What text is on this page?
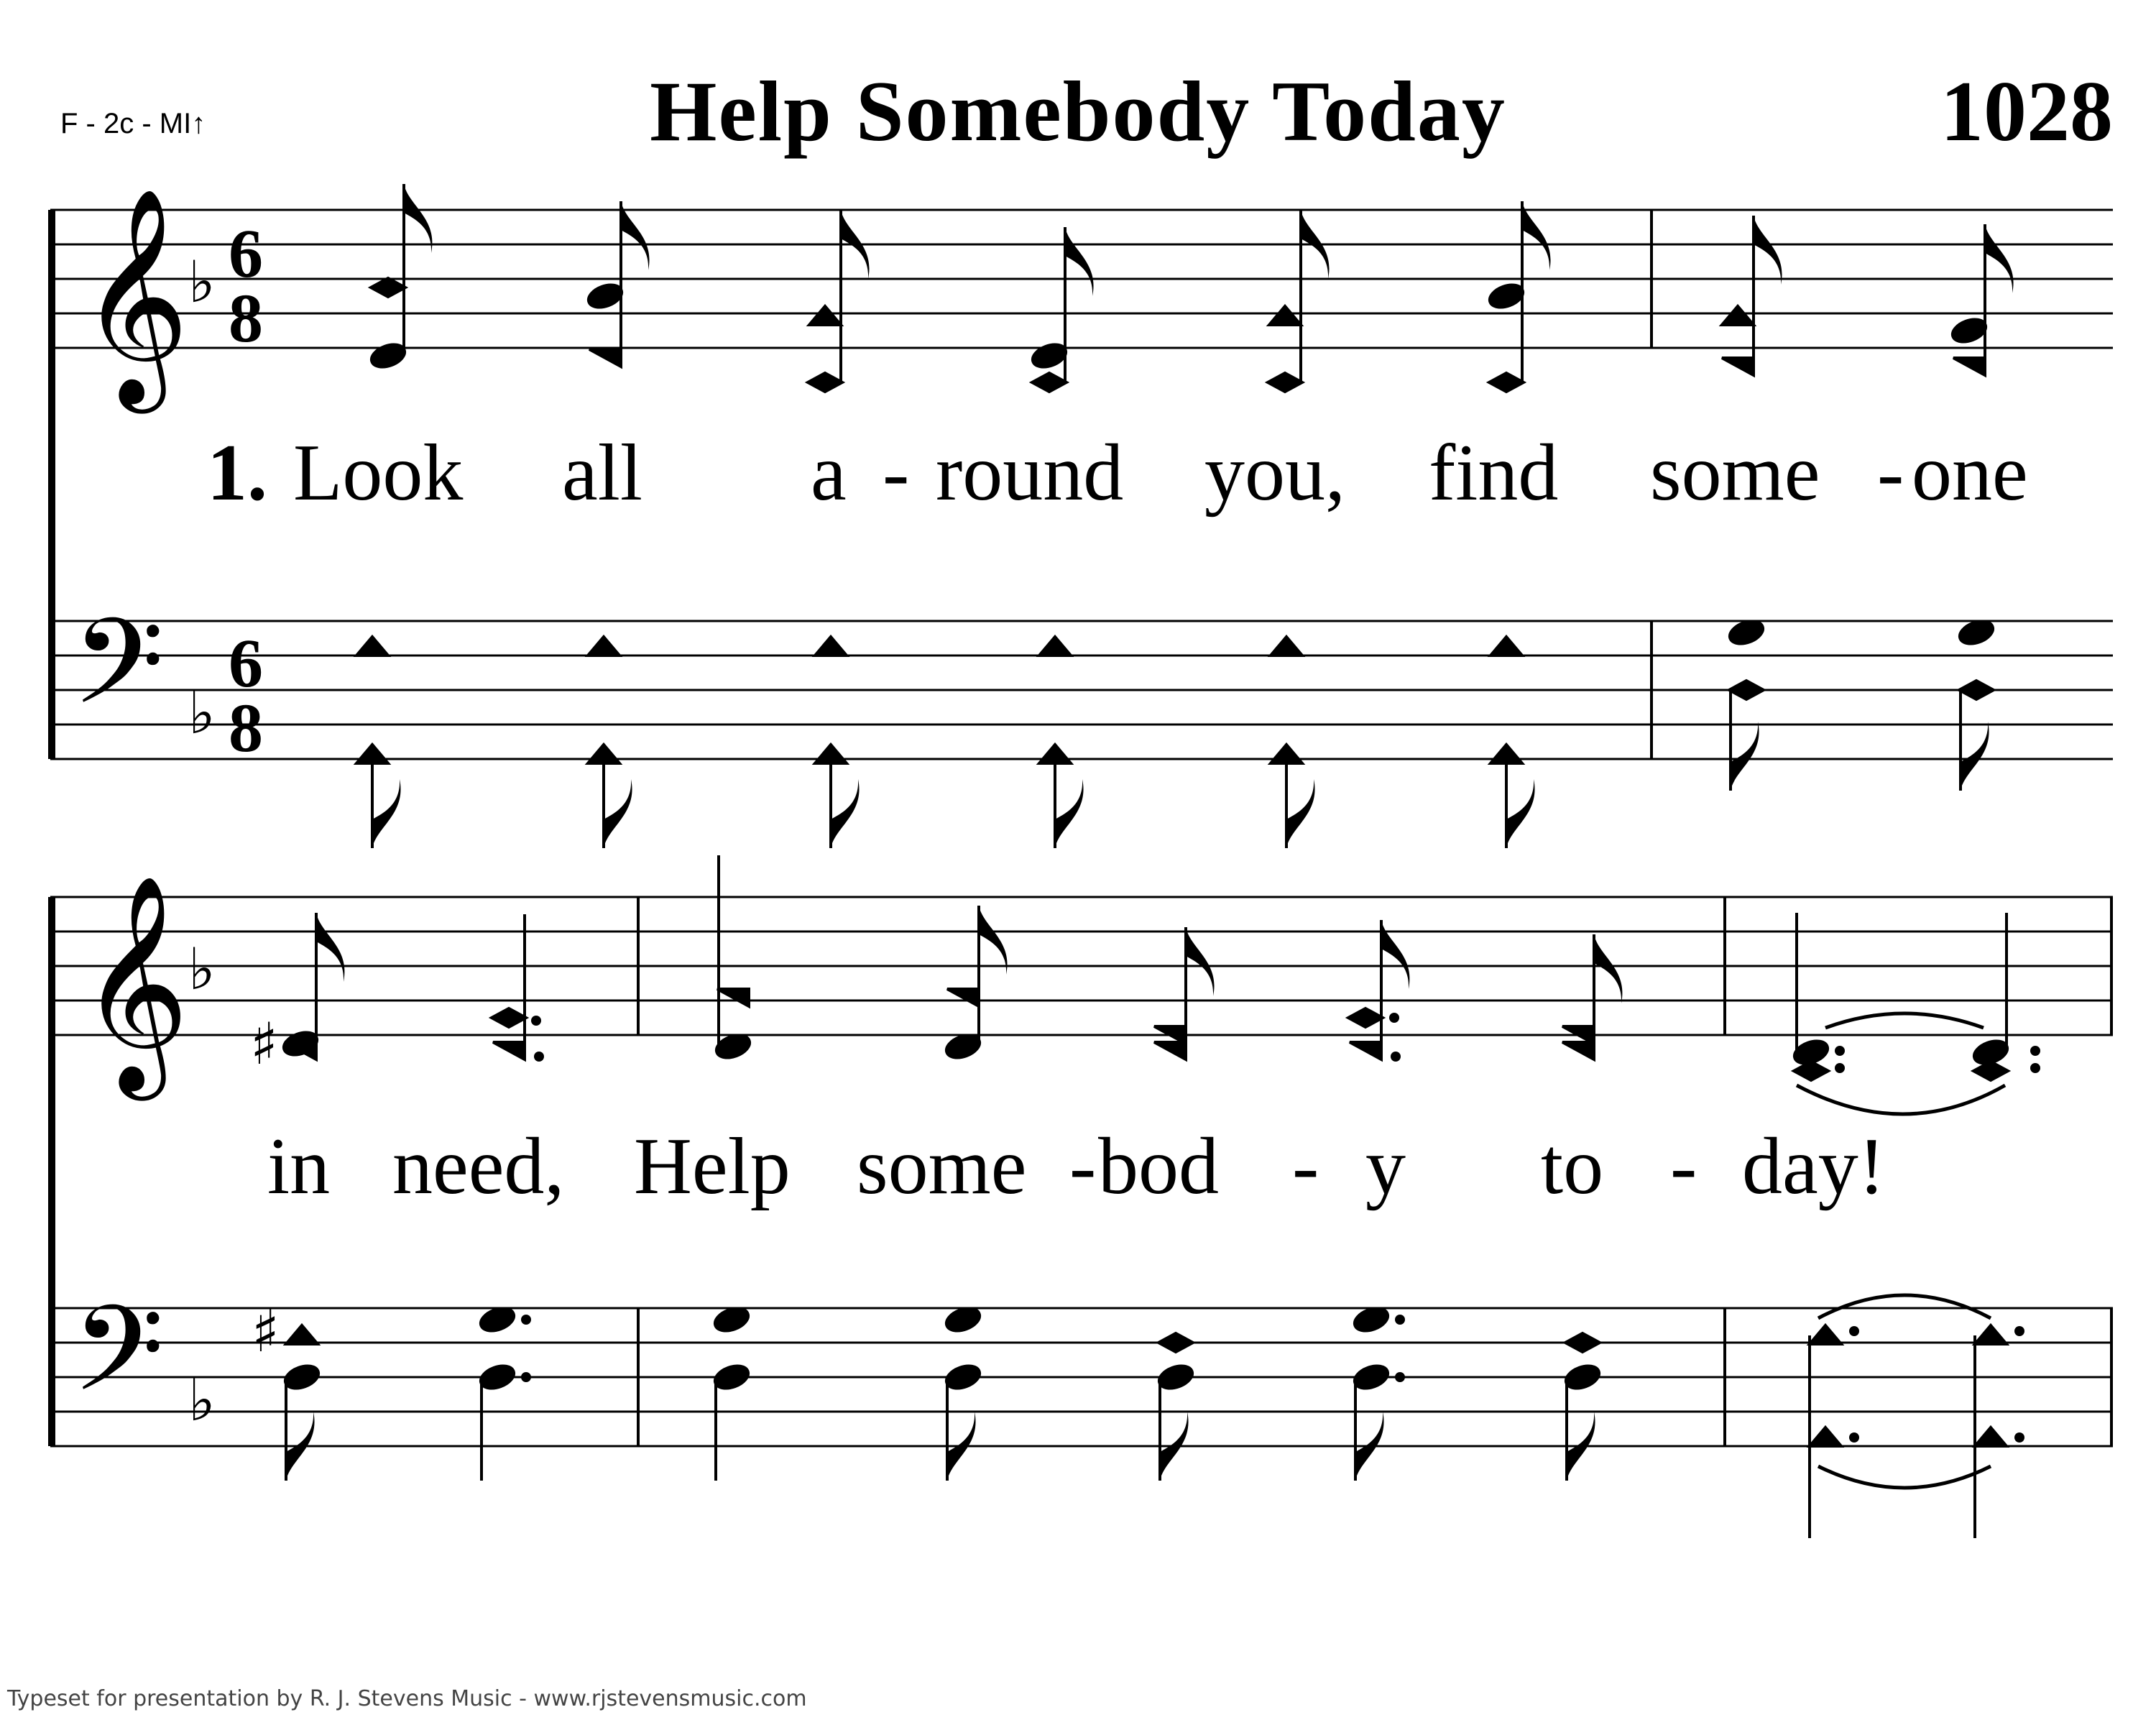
F - 2c - MI↑	Help Somebody Today	1028
𝄞
♭ 6
8
𝄢 ♭
6
8
1. Look all a - round you, find some - one
𝄞
♭
𝄢 ♭
♯
♯
in need, Help some - bod - y to - day!
Typeset for presentation by R. J. Stevens Music - www.rjstevensmusic.com
